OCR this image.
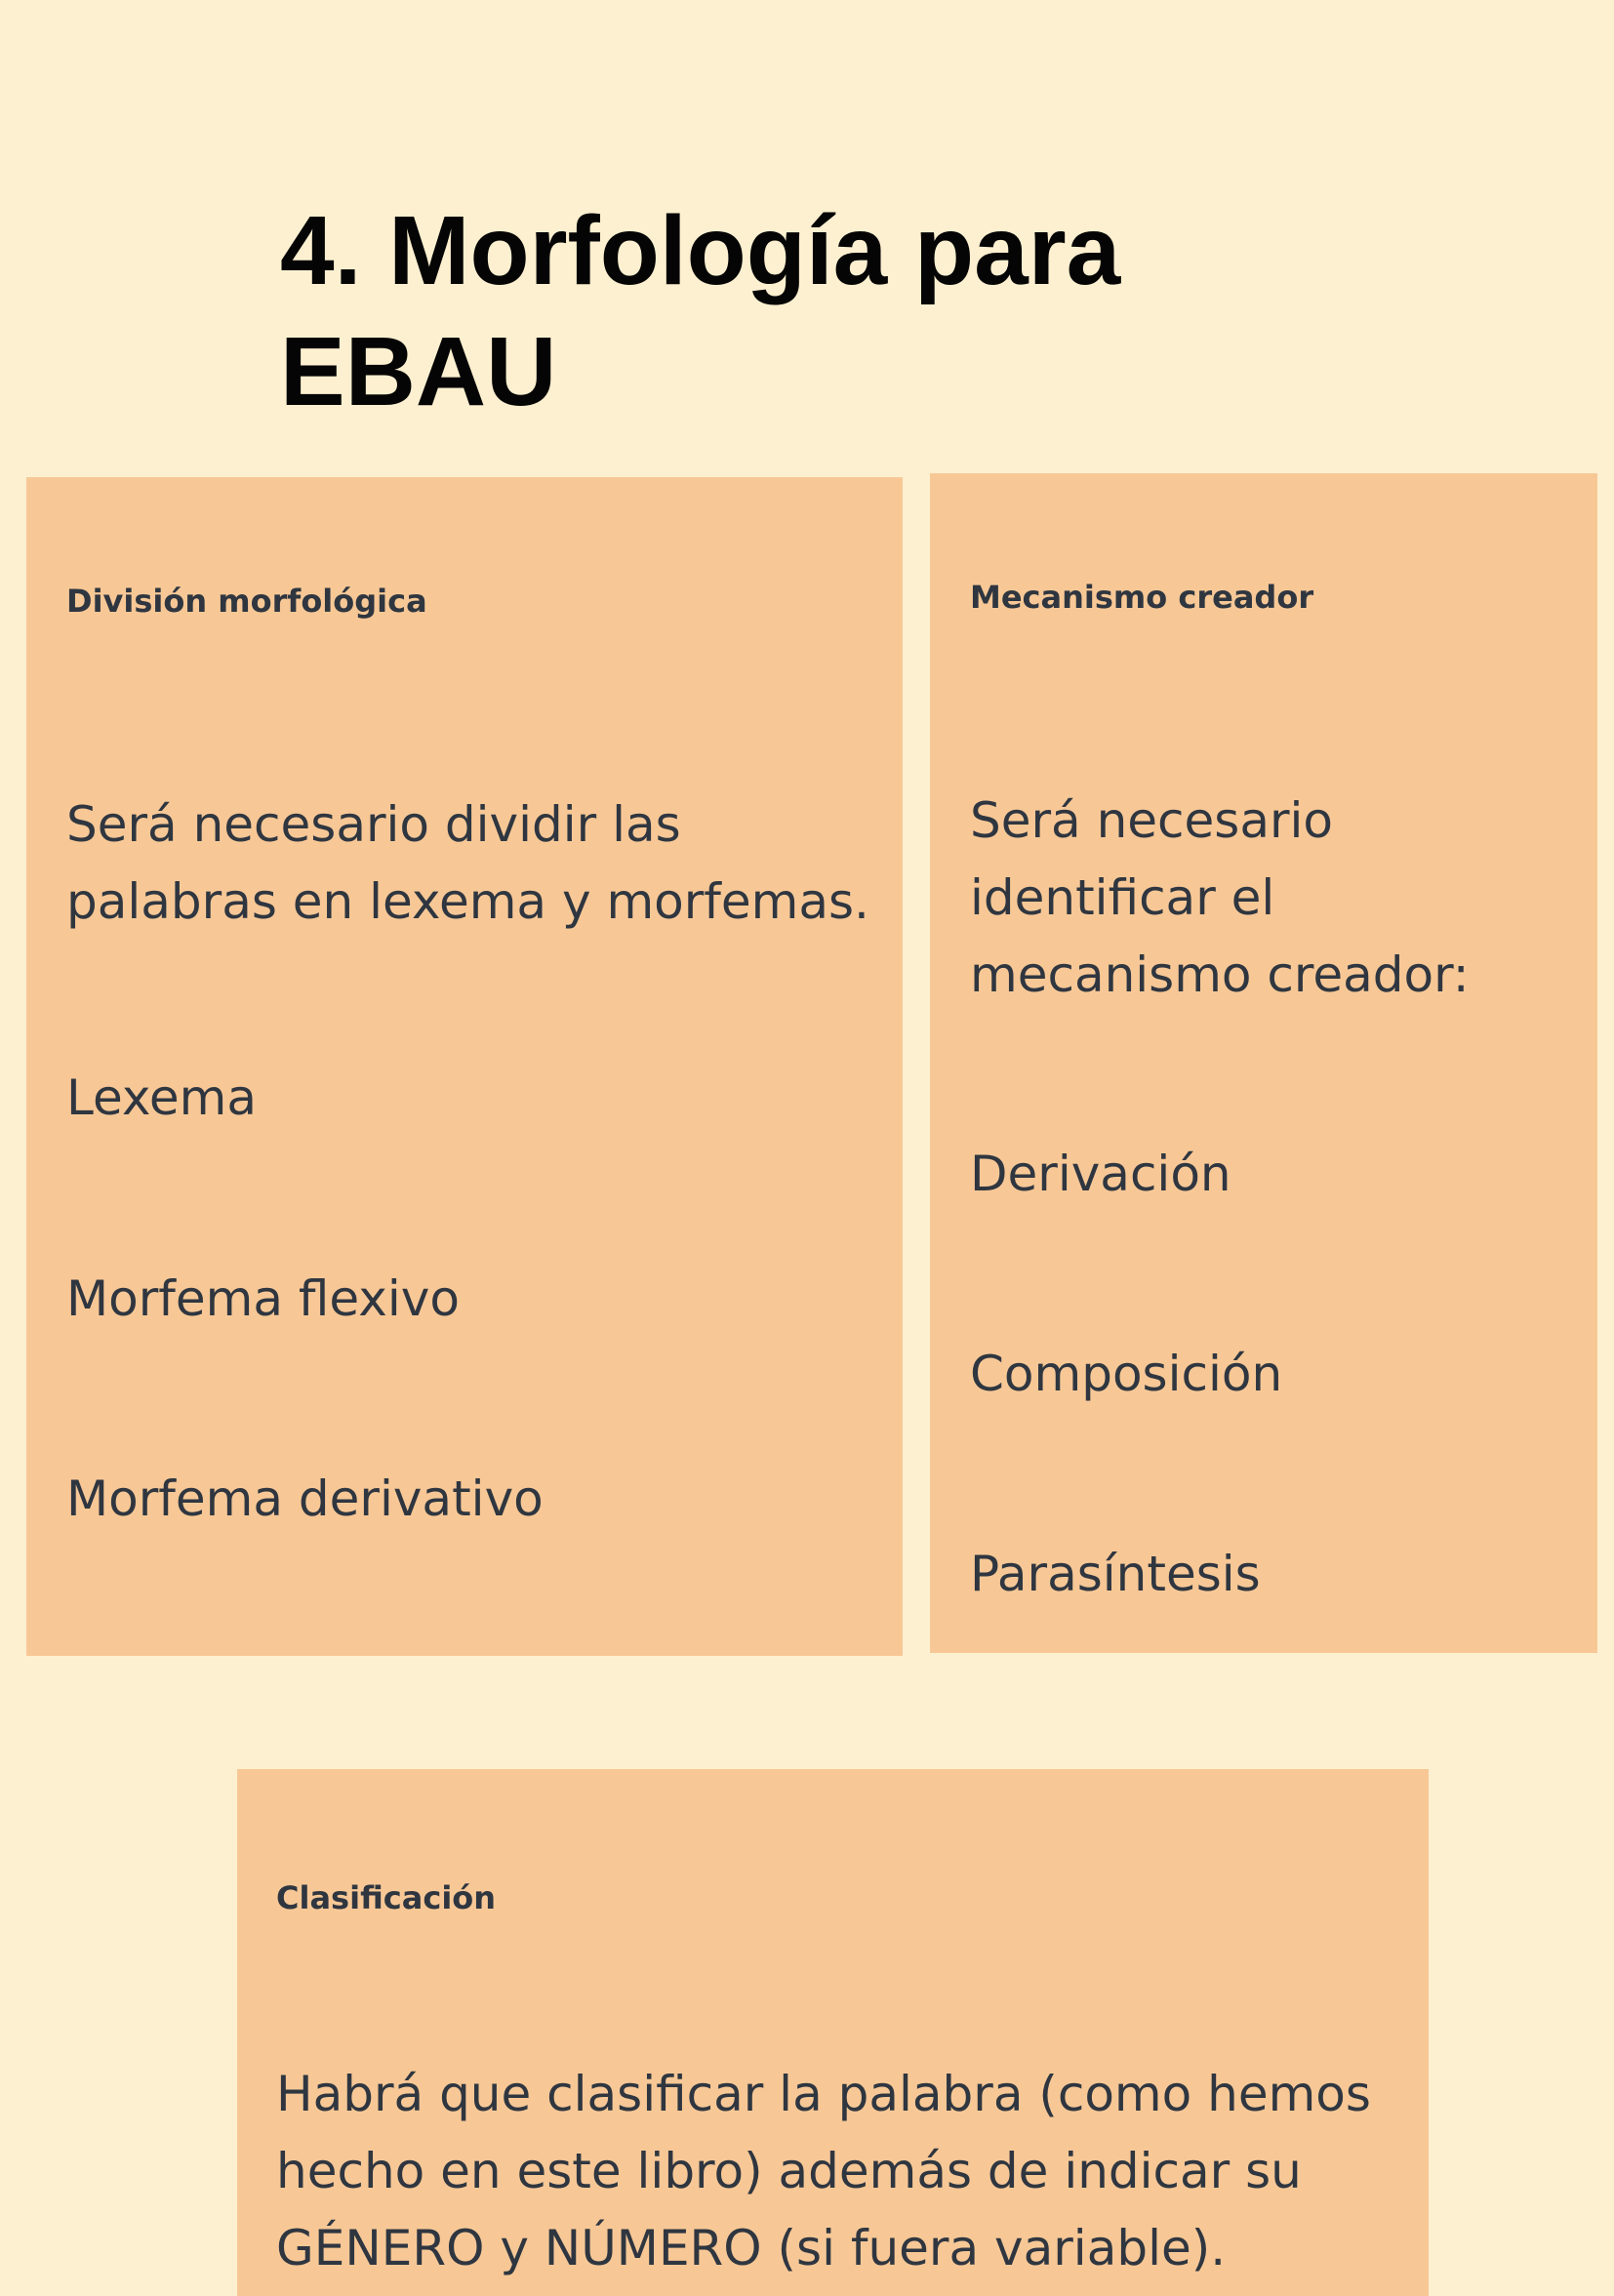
4. Morfología para
EBAU
División morfológica

Será necesario dividir las
palabras en lexema y morfemas.

Lexema

Morfema flexivo

Morfema derivativo

Mecanismo creador

Será necesario
identificar el
mecanismo creador:

Derivación

Composición

Parasíntesis

Clasificación

Habrá que clasificar la palabra (como hemos
hecho en este libro) además de indicar su
GÉNERO y NÚMERO (si fuera variable).
